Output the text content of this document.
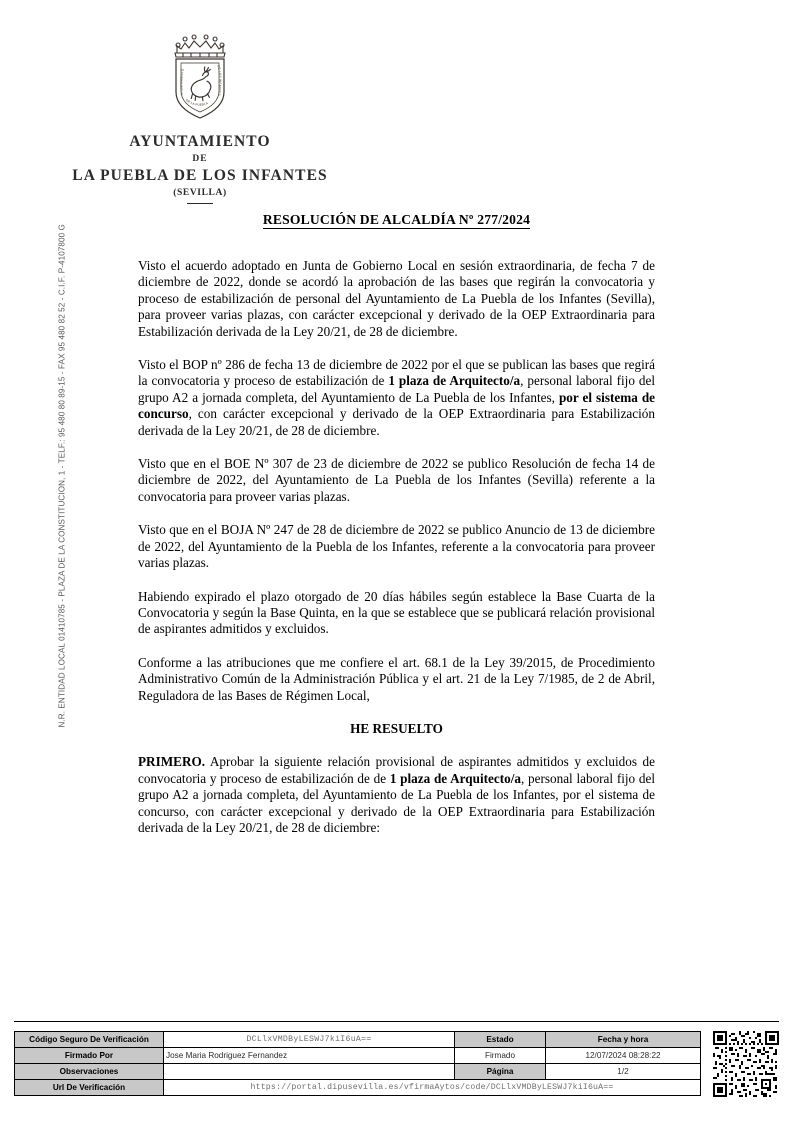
N.R. ENTIDAD LOCAL 01410785 - PLAZA DE LA CONSTITUCION, 1 - TELF.: 95 480 80 89-15 - FAX 95 480 82 52 - C.I.F. P-4107800 G
AYUNTAMIENTO
DE LOS INFANTES
DE LA PUEBLA
AYUNTAMIENTO
DE
LA PUEBLA DE LOS INFANTES
(SEVILLA)
RESOLUCIÓN DE ALCALDÍA Nº 277/2024

Visto el acuerdo adoptado en Junta de Gobierno Local en sesión extraordinaria, de fecha 7 de diciembre de 2022, donde se acordó la aprobación de las bases que regirán la convocatoria y proceso de estabilización de personal del Ayuntamiento de La Puebla de los Infantes (Sevilla), para proveer varias plazas, con carácter excepcional y derivado de la OEP Extraordinaria para Estabilización derivada de la Ley 20/21, de 28 de diciembre.

Visto el BOP nº 286 de fecha 13 de diciembre de 2022 por el que se publican las bases que regirá la convocatoria y proceso de estabilización de 1 plaza de Arquitecto/a, personal laboral fijo del grupo A2 a jornada completa, del Ayuntamiento de La Puebla de los Infantes, por el sistema de concurso, con carácter excepcional y derivado de la OEP Extraordinaria para Estabilización derivada de la Ley 20/21, de 28 de diciembre.

Visto que en el BOE Nº 307 de 23 de diciembre de 2022 se publico Resolución de fecha 14 de diciembre de 2022, del Ayuntamiento de La Puebla de los Infantes (Sevilla) referente a la convocatoria para proveer varias plazas.

Visto que en el BOJA Nº 247 de 28 de diciembre de 2022 se publico Anuncio de 13 de diciembre de 2022, del Ayuntamiento de la Puebla de los Infantes, referente a la convocatoria para proveer varias plazas.

Habiendo expirado el plazo otorgado de 20 días hábiles según establece la Base Cuarta de la Convocatoria y según la Base Quinta, en la que se establece que se publicará relación provisional de aspirantes admitidos y excluidos.

Conforme a las atribuciones que me confiere el art. 68.1 de la Ley 39/2015, de Procedimiento Administrativo Común de la Administración Pública y el art. 21 de la Ley 7/1985, de 2 de Abril, Reguladora de las Bases de Régimen Local,

HE RESUELTO

PRIMERO. Aprobar la siguiente relación provisional de aspirantes admitidos y excluidos de convocatoria y proceso de estabilización de de 1 plaza de Arquitecto/a, personal laboral fijo del grupo A2 a jornada completa, del Ayuntamiento de La Puebla de los Infantes, por el sistema de concurso, con carácter excepcional y derivado de la OEP Extraordinaria para Estabilización derivada de la Ley 20/21, de 28 de diciembre:

Código Seguro De Verificación	DCLlxVMDByLESWJ7kiI6uA==	Estado	Fecha y hora
Firmado Por	Jose Maria Rodriguez Fernandez	Firmado	12/07/2024 08:28:22
Observaciones		Página	1/2
Url De Verificación	https://portal.dipusevilla.es/vfirmaAytos/code/DCLlxVMDByLESWJ7kiI6uA==		
